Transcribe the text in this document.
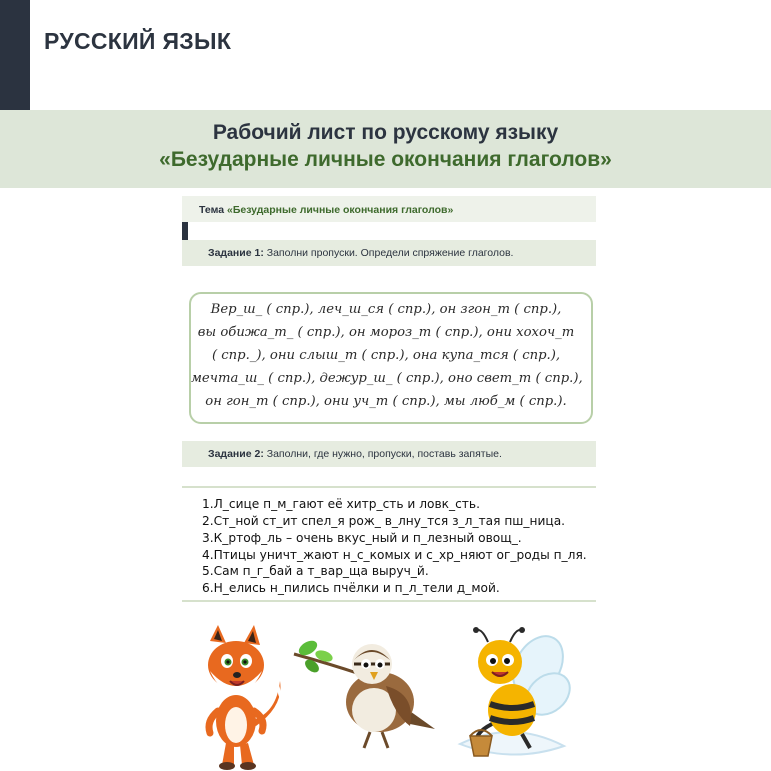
РУССКИЙ ЯЗЫК
Рабочий лист по русскому языку
«Безударные личные окончания глаголов»
Тема «Безударные личные окончания глаголов»
Задание 1: Заполни пропуски. Определи спряжение глаголов.
Вер_ш_ ( спр.), леч_ш_ся ( спр.), он згон_т ( спр.),
вы обижа_т_ ( спр.), он мороз_т ( спр.), они хохоч_т
( спр._), они слыш_т ( спр.), она купа_тся ( спр.),
мечта_ш_ ( спр.), дежур_ш_ ( спр.), оно свет_т ( спр.),
он гон_т ( спр.), они уч_т ( спр.), мы люб_м ( спр.).
Задание 2: Заполни, где нужно, пропуски, поставь запятые.
1.Л_сице п_м_гают её хитр_сть и ловк_сть.
2.Ст_ной ст_ит спел_я рож_ в_лну_тся з_л_тая пш_ница.
3.К_ртоф_ль – очень вкус_ный и п_лезный овощ_.
4.Птицы уничт_жают н_с_комых и с_хр_няют ог_роды п_ля.
5.Сам п_г_бай а т_вар_ща выруч_й.
6.Н_елись н_пились пчёлки и п_л_тели д_мой.
